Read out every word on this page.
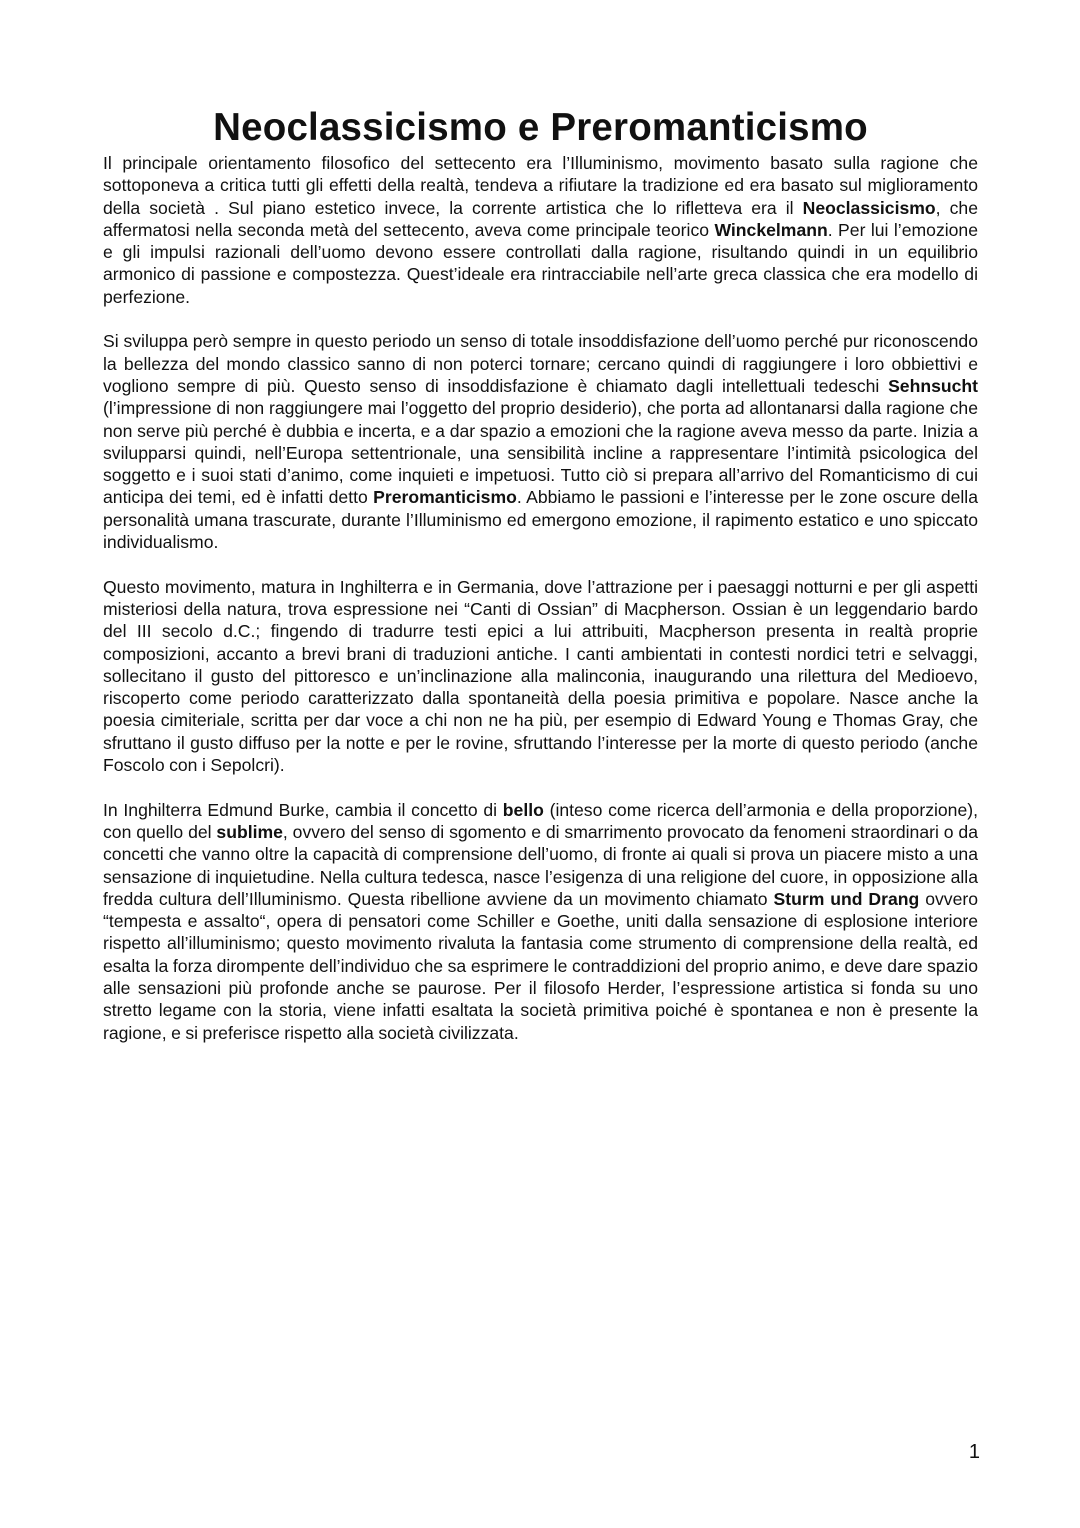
Neoclassicismo e Preromanticismo

Il principale orientamento filosofico del settecento era l’Illuminismo, movimento basato sulla ragione che sottoponeva a critica tutti gli effetti della realtà, tendeva a rifiutare la tradizione ed era basato sul miglioramento della società . Sul piano estetico invece, la corrente artistica che lo rifletteva era il Neoclassicismo, che affermatosi nella seconda metà del settecento, aveva come principale teorico Winckelmann. Per lui l’emozione e gli impulsi razionali dell’uomo devono essere controllati dalla ragione, risultando quindi in un equilibrio armonico di passione e compostezza. Quest’ideale era rintracciabile nell’arte greca classica che era modello di perfezione.

Si sviluppa però sempre in questo periodo un senso di totale insoddisfazione dell’uomo perché pur riconoscendo la bellezza del mondo classico sanno di non poterci tornare; cercano quindi di raggiungere i loro obbiettivi e vogliono sempre di più. Questo senso di insoddisfazione è chiamato dagli intellettuali tedeschi Sehnsucht (l’impressione di non raggiungere mai l’oggetto del proprio desiderio), che porta ad allontanarsi dalla ragione che non serve più perché è dubbia e incerta, e a dar spazio a emozioni che la ragione aveva messo da parte. Inizia a svilupparsi quindi, nell’Europa settentrionale, una sensibilità incline a rappresentare l’intimità psicologica del soggetto e i suoi stati d’animo, come inquieti e impetuosi. Tutto ciò si prepara all’arrivo del Romanticismo di cui anticipa dei temi, ed è infatti detto Preromanticismo. Abbiamo le passioni e l’interesse per le zone oscure della personalità umana trascurate, durante l’Illuminismo ed emergono emozione, il rapimento estatico e uno spiccato individualismo.

Questo movimento, matura in Inghilterra e in Germania, dove l’attrazione per i paesaggi notturni e per gli aspetti misteriosi della natura, trova espressione nei “Canti di Ossian” di Macpherson. Ossian è un leggendario bardo del III secolo d.C.; fingendo di tradurre testi epici a lui attribuiti, Macpherson presenta in realtà proprie composizioni, accanto a brevi brani di traduzioni antiche. I canti ambientati in contesti nordici tetri e selvaggi, sollecitano il gusto del pittoresco e un’inclinazione alla malinconia, inaugurando una rilettura del Medioevo, riscoperto come periodo caratterizzato dalla spontaneità della poesia primitiva e popolare. Nasce anche la poesia cimiteriale, scritta per dar voce a chi non ne ha più, per esempio di Edward Young e Thomas Gray, che sfruttano il gusto diffuso per la notte e per le rovine, sfruttando l’interesse per la morte di questo periodo (anche Foscolo con i Sepolcri).

In Inghilterra Edmund Burke, cambia il concetto di bello (inteso come ricerca dell’armonia e della proporzione), con quello del sublime, ovvero del senso di sgomento e di smarrimento provocato da fenomeni straordinari o da concetti che vanno oltre la capacità di comprensione dell’uomo, di fronte ai quali si prova un piacere misto a una sensazione di inquietudine. Nella cultura tedesca, nasce l’esigenza di una religione del cuore, in opposizione alla fredda cultura dell’Illuminismo. Questa ribellione avviene da un movimento chiamato Sturm und Drang ovvero “tempesta e assalto“, opera di pensatori come Schiller e Goethe, uniti dalla sensazione di esplosione interiore rispetto all’illuminismo; questo movimento rivaluta la fantasia come strumento di comprensione della realtà, ed esalta la forza dirompente dell’individuo che sa esprimere le contraddizioni del proprio animo, e deve dare spazio alle sensazioni più profonde anche se paurose. Per il filosofo Herder, l’espressione artistica si fonda su uno stretto legame con la storia, viene infatti esaltata la società primitiva poiché è spontanea e non è presente la ragione, e si preferisce rispetto alla società civilizzata.

1
